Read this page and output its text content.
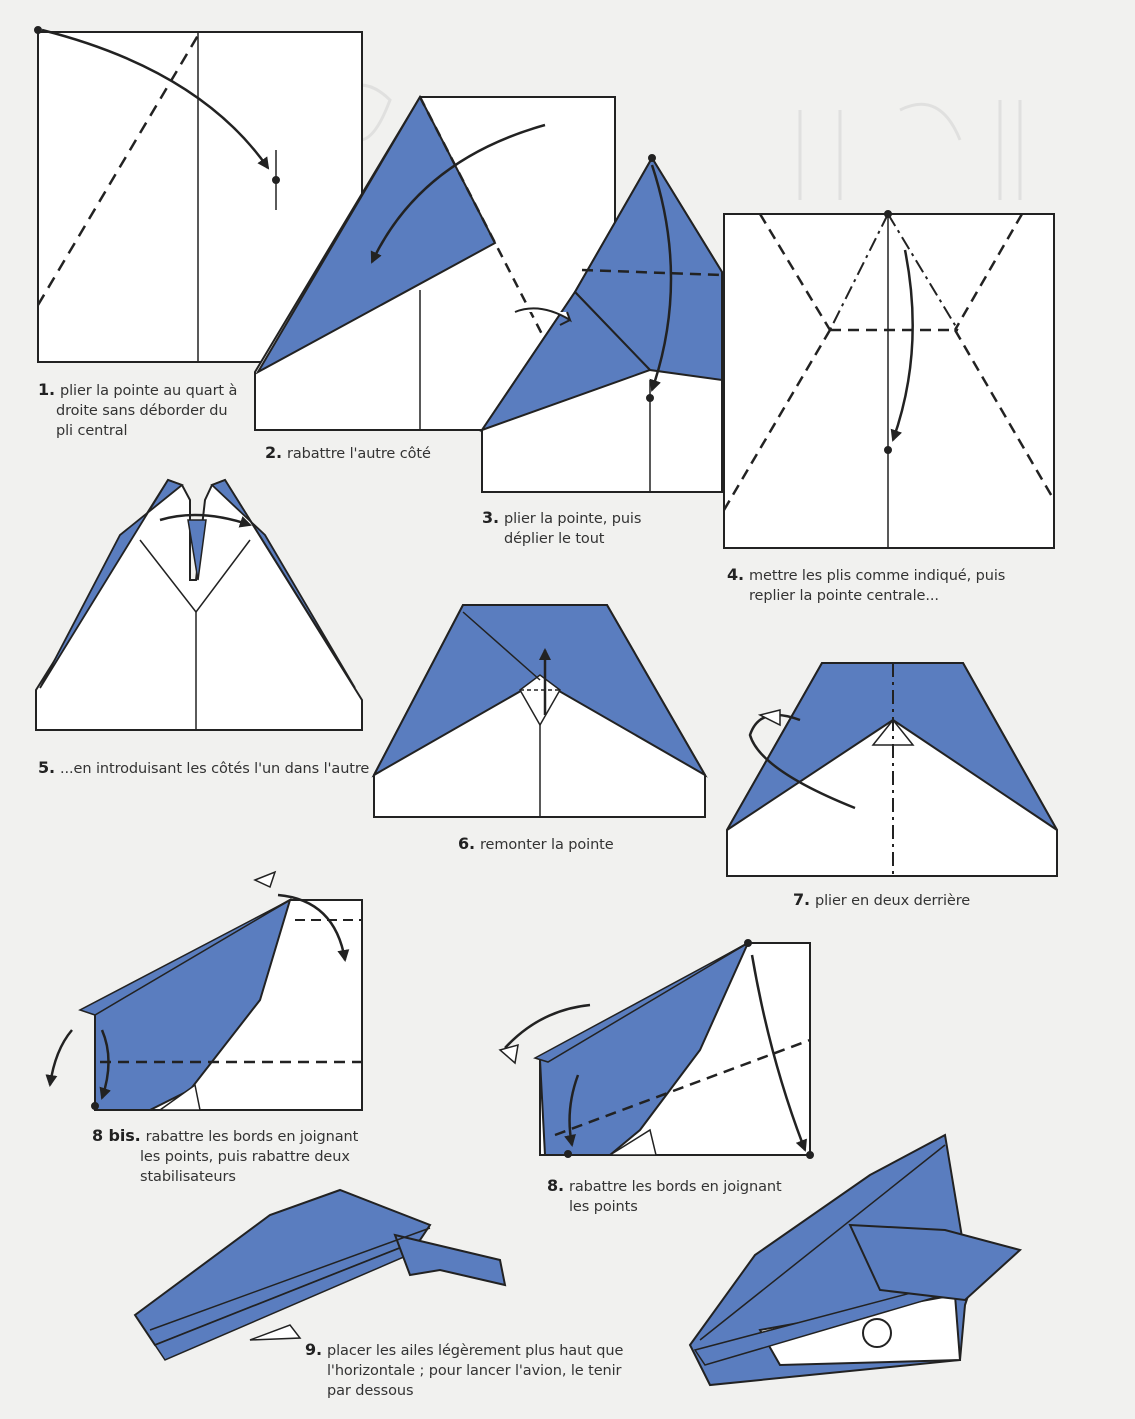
1. plier la pointe au quart à
droite sans déborder du
pli central
2. rabattre l'autre côté
3. plier la pointe, puis
déplier le tout
4. mettre les plis comme indiqué, puis
replier la pointe centrale...
5. ...en introduisant les côtés l'un dans l'autre
6. remonter la pointe
7. plier en deux derrière
8 bis. rabattre les bords en joignant
les points, puis rabattre deux
stabilisateurs	8. rabattre les bords en joignant
les points
9. placer les ailes légèrement plus haut que
l'horizontale ; pour lancer l'avion, le tenir
par dessous
